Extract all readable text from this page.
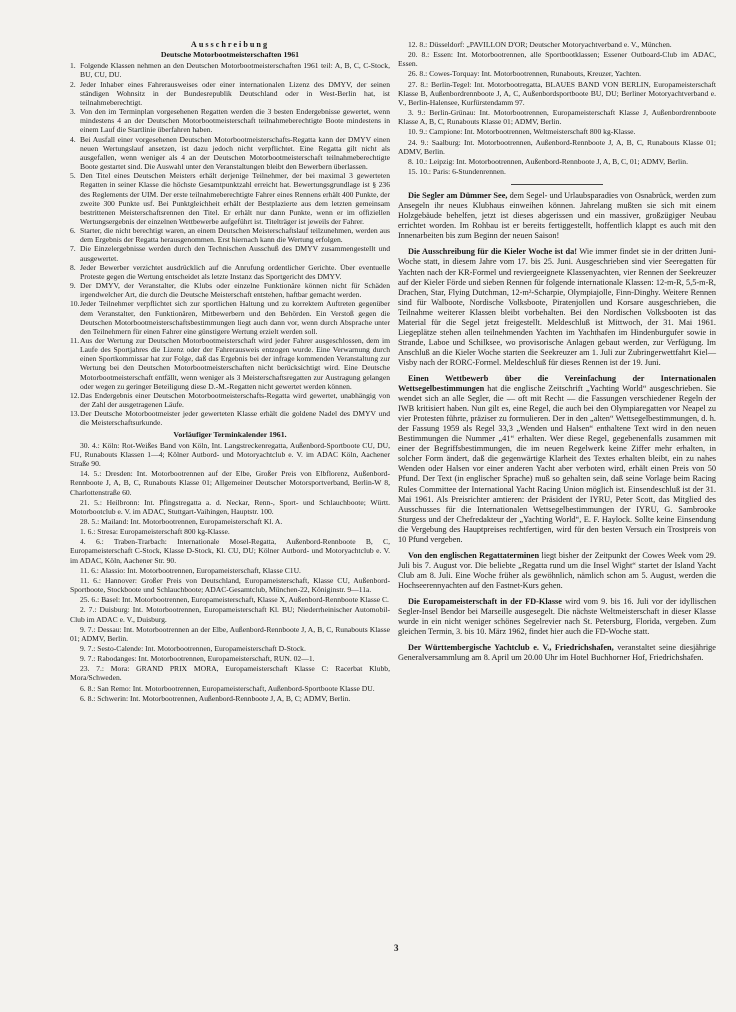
Ausschreibung
Deutsche Motorbootmeisterschaften 1961
1. Folgende Klassen nehmen an den Deutschen Motorbootmeisterschaften 1961 teil: A, B, C, C-Stock, BU, CU, DU.
2. Jeder Inhaber eines Fahrerausweises oder einer internationalen Lizenz des DMYV, der seinen ständigen Wohnsitz in der Bundesrepublik Deutschland oder in West-Berlin hat, ist teilnahmeberechtigt.
3. Von den im Terminplan vorgesehenen Regatten werden die 3 besten Endergebnisse gewertet, wenn mindestens 4 an der Deutschen Motorbootmeisterschaft teilnahmeberechtigte Boote mindestens in einem Lauf die Startlinie überfahren haben.
4. Bei Ausfall einer vorgesehenen Deutschen Motorbootmeisterschafts-Regatta kann der DMYV einen neuen Wertungslauf ansetzen, ist dazu jedoch nicht verpflichtet. Eine Regatta gilt nicht als ausgefallen, wenn weniger als 4 an der Deutschen Motorbootmeisterschaft teilnahmeberechtigte Boote gestartet sind. Die Auswahl unter den Veranstaltungen bleibt den Bewerbern überlassen.
5. Den Titel eines Deutschen Meisters erhält derjenige Teilnehmer, der bei maximal 3 gewerteten Regatten in seiner Klasse die höchste Gesamtpunktzahl erreicht hat. Bewertungsgrundlage ist § 236 des Reglements der UIM. Der erste teilnahmeberechtigte Fahrer eines Rennens erhält 400 Punkte, der zweite 300 Punkte usf. Bei Punktgleichheit erhält der Bestplazierte aus dem letzten gemeinsam bestrittenen Meisterschaftsrennen den Titel. Er erhält nur dann Punkte, wenn er im offiziellen Wertungsergebnis der einzelnen Wettbewerbe aufgeführt ist. Titelträger ist jeweils der Fahrer.
6. Starter, die nicht berechtigt waren, an einem Deutschen Meisterschaftslauf teilzunehmen, werden aus dem Ergebnis der Regatta herausgenommen. Erst hiernach kann die Wertung erfolgen.
7. Die Einzelergebnisse werden durch den Technischen Ausschuß des DMYV zusammengestellt und ausgewertet.
8. Jeder Bewerber verzichtet ausdrücklich auf die Anrufung ordentlicher Gerichte. Über eventuelle Proteste gegen die Wertung entscheidet als letzte Instanz das Sportgericht des DMYV.
9. Der DMYV, der Veranstalter, die Klubs oder einzelne Funktionäre können nicht für Schäden irgendwelcher Art, die durch die Deutsche Meisterschaft entstehen, haftbar gemacht werden.
10. Jeder Teilnehmer verpflichtet sich zur sportlichen Haltung und zu korrektem Auftreten gegenüber dem Veranstalter, den Funktionären, Mitbewerbern und den Behörden. Ein Verstoß gegen die Deutschen Motorbootmeisterschaftsbestimmungen liegt auch dann vor, wenn durch Absprache unter den Teilnehmern für einen Fahrer eine günstigere Wertung erzielt werden soll.
11. Aus der Wertung zur Deutschen Motorbootmeisterschaft wird jeder Fahrer ausgeschlossen, dem im Laufe des Sportjahres die Lizenz oder der Fahrerausweis entzogen wurde. Eine Verwarnung durch einen Sportkommissar hat zur Folge, daß das Ergebnis bei der infrage kommenden Veranstaltung zur Wertung bei den Deutschen Motorbootmeisterschaften nicht berücksichtigt wird. Eine Deutsche Motorbootmeisterschaft entfällt, wenn weniger als 3 Meisterschaftsregatten zur Austragung gelangen oder wegen zu geringer Beteiligung diese D.-M.-Regatten nicht gewertet werden können.
12. Das Endergebnis einer Deutschen Motorbootmeisterschafts-Regatta wird gewertet, unabhängig von der Zahl der ausgetragenen Läufe.
13. Der Deutsche Motorbootmeister jeder gewerteten Klasse erhält die goldene Nadel des DMYV und die Meisterschaftsurkunde.
Vorläufiger Terminkalender 1961.
30. 4.: Köln: Rot-Weißes Band von Köln, Int. Langstreckenregatta, Außenbord-Sportboote CU, DU, FU, Runabouts Klassen 1—4; Kölner Autbord- und Motoryachtclub e. V. im ADAC Köln, Aachener Straße 90.
14. 5.: Dresden: Int. Motorbootrennen auf der Elbe, Großer Preis von Elbflorenz, Außenbord-Rennboote J, A, B, C, Runabouts Klasse 01; Allgemeiner Deutscher Motorsportverband, Berlin-W 8, Charlottenstraße 60.
21. 5.: Heilbronn: Int. Pfingstregatta a. d. Neckar, Renn-, Sport- und Schlauchboote; Württ. Motorbootclub e. V. im ADAC, Stuttgart-Vaihingen, Hauptstr. 100.
28. 5.: Mailand: Int. Motorbootrennen, Europameisterschaft Kl. A.
1. 6.: Stresa: Europameisterschaft 800 kg-Klasse.
4. 6.: Traben-Trarbach: Internationale Mosel-Regatta, Außenbord-Rennboote B, C, Europameisterschaft C-Stock, Klasse D-Stock, Kl. CU, DU; Kölner Autbord- und Motoryachtclub e. V. im ADAC, Köln, Aachener Str. 90.
11. 6.: Alassio: Int. Motorbootrennen, Europameisterschaft, Klasse C1U.
11. 6.: Hannover: Großer Preis von Deutschland, Europameisterschaft, Klasse CU, Außenbord-Sportboote, Stockboote und Schlauchboote; ADAC-Gesamtclub, München-22, Königinstr. 9—11a.
25. 6.: Basel: Int. Motorbootrennen, Europameisterschaft, Klasse X, Außenbord-Rennboote Klasse C.
2. 7.: Duisburg: Int. Motorbootrennen, Europameisterschaft Kl. BU; Niederrheinischer Automobil-Club im ADAC e. V., Duisburg.
9. 7.: Dessau: Int. Motorbootrennen an der Elbe, Außenbord-Rennboote J, A, B, C, Runabouts Klasse 01; ADMV, Berlin.
9. 7.: Sesto-Calende: Int. Motorbootrennen, Europameisterschaft D-Stock.
9. 7.: Rabodanges: Int. Motorbootrennen, Europameisterschaft, RUN. 02—1.
23. 7.: Mora: GRAND PRIX MORA, Europameisterschaft Klasse C: Racerbat Klubb, Mora/Schweden.
6. 8.: San Remo: Int. Motorbootrennen, Europameisterschaft, Außenbord-Sportboote Klasse DU.
6. 8.: Schwerin: Int. Motorbootrennen, Außenbord-Rennboote J, A, B, C; ADMV, Berlin.
12. 8.: Düsseldorf: „PAVILLON D'OR; Deutscher Motoryachtverband e. V., München.
20. 8.: Essen: Int. Motorbootrennen, alle Sportbootklassen; Essener Outboard-Club im ADAC, Essen.
26. 8.: Cowes-Torquay: Int. Motorbootrennen, Runabouts, Kreuzer, Yachten.
27. 8.: Berlin-Tegel: Int. Motorbootregatta, BLAUES BAND VON BERLIN, Europameisterschaft Klasse B, Außenbordrennboote J, A, C, Außenbordsportboote BU, DU; Berliner Motoryachtverband e. V., Berlin-Halensee, Kurfürstendamm 97.
3. 9.: Berlin-Grünau: Int. Motorbootrennen, Europameisterschaft Klasse J, Außenbordrennboote Klasse A, B, C, Runabouts Klasse 01; ADMV, Berlin.
10. 9.: Campione: Int. Motorbootrennen, Weltmeisterschaft 800 kg-Klasse.
24. 9.: Saalburg: Int. Motorbootrennen, Außenbord-Rennboote J, A, B, C, Runabouts Klasse 01; ADMV, Berlin.
8. 10.: Leipzig: Int. Motorbootrennen, Außenbord-Rennboote J, A, B, C, 01; ADMV, Berlin.
15. 10.: Paris: 6-Stundenrennen.
Die Segler am Dümmer See, dem Segel- und Urlaubsparadies von Osnabrück, werden zum Ansegeln ihr neues Klubhaus einweihen können. Jahrelang mußten sie sich mit einem Holzgebäude behelfen, jetzt ist dieses abgerissen und ein massiver, großzügiger Neubau errichtet worden. Im Rohbau ist er bereits fertiggestellt, hoffentlich klappt es auch mit den Innenarbeiten bis zum Beginn der neuen Saison!
Die Ausschreibung für die Kieler Woche ist da! Wie immer findet sie in der dritten Juni-Woche statt, in diesem Jahre vom 17. bis 25. Juni. Ausgeschrieben sind vier Seeregatten für Yachten nach der KR-Formel und reviergeeignete Klassenyachten, vier Rennen der Seekreuzer auf der Kieler Förde und sieben Rennen für folgende internationale Klassen: 12-m-R, 5,5-m-R, Drachen, Star, Flying Dutchman, 12-m²-Scharpie, Olympiajolle, Finn-Dinghy. Weitere Rennen sind für Walboote, Nordische Volksboote, Piratenjollen und Korsare ausgeschrieben, die Teilnahme weiterer Klassen bleibt vorbehalten. Bei den Nordischen Volksbooten ist das Material für die Segel jetzt freigestellt. Meldeschluß ist Mittwoch, der 31. Mai 1961. Liegeplätze stehen allen teilnehmenden Yachten im Yachthafen im Hindenburgufer sowie in Strande, Laboe und Schilksee, wo provisorische Anlagen gebaut werden, zur Verfügung. Im Anschluß an die Kieler Woche starten die Seekreuzer am 1. Juli zur Zubringerwettfahrt Kiel—Visby nach der RORC-Formel. Meldeschluß für dieses Rennen ist der 19. Juni.
Einen Wettbewerb über die Vereinfachung der Internationalen Wettsegelbestimmungen hat die englische Zeitschrift „Yachting World“ ausgeschrieben. Sie wendet sich an alle Segler, die — oft mit Recht — die Fassungen verschiedener Regeln der IWB kritisiert haben. Nun gilt es, eine Regel, die auch bei den Olympiaregatten vor Neapel zu vier Protesten führte, präziser zu formulieren. Der in den „alten“ Wettsegelbestimmungen, d. h. der Fassung 1959 als Regel 33,3 „Wenden und Halsen“ enthaltene Text wird in den neuen Bestimmungen die Nummer „41“ erhalten. Wer diese Regel, gegebenenfalls zusammen mit einer der Begriffsbestimmungen, die im neuen Regelwerk keine Ziffer mehr erhalten, in solcher Form ändert, daß die gegenwärtige Klarheit des Textes erhalten bleibt, ein zu nahes Wenden oder Halsen vor einer anderen Yacht aber verboten wird, erhält einen Preis von 50 Pfund. Der Text (in englischer Sprache) muß so gehalten sein, daß seine Vorlage beim Racing Rules Committee der International Yacht Racing Union möglich ist. Einsendeschluß ist der 31. Mai 1961. Als Preisrichter amtieren: der Präsident der IYRU, Peter Scott, das Mitglied des Ausschusses für die Internationalen Wettsegelbestimmungen der IYRU, G. Sambrooke Sturgess und der Chefredakteur der „Yachting World“, E. F. Haylock. Sollte keine Einsendung die Vergebung des Hauptpreises rechtfertigen, wird für den besten Versuch ein Trostpreis von 10 Pfund vergeben.
Von den englischen Regattaterminen liegt bisher der Zeitpunkt der Cowes Week vom 29. Juli bis 7. August vor. Die beliebte „Regatta rund um die Insel Wight“ startet der Island Yacht Club am 8. Juli. Eine Woche früher als gewöhnlich, nämlich schon am 5. August, werden die Hochseerennyachten auf den Fastnet-Kurs gehen.
Die Europameisterschaft in der FD-Klasse wird vom 9. bis 16. Juli vor der idyllischen Segler-Insel Bendor bei Marseille ausgesegelt. Die nächste Weltmeisterschaft in dieser Klasse wurde in ein nicht weniger schönes Segelrevier nach St. Petersburg, Florida, vergeben. Zum gleichen Termin, 3. bis 10. März 1962, findet hier auch die FD-Woche statt.
Der Württembergische Yachtclub e. V., Friedrichshafen, veranstaltet seine diesjährige Generalversammlung am 8. April um 20.00 Uhr im Hotel Buchhorner Hof, Friedrichshafen.
3
